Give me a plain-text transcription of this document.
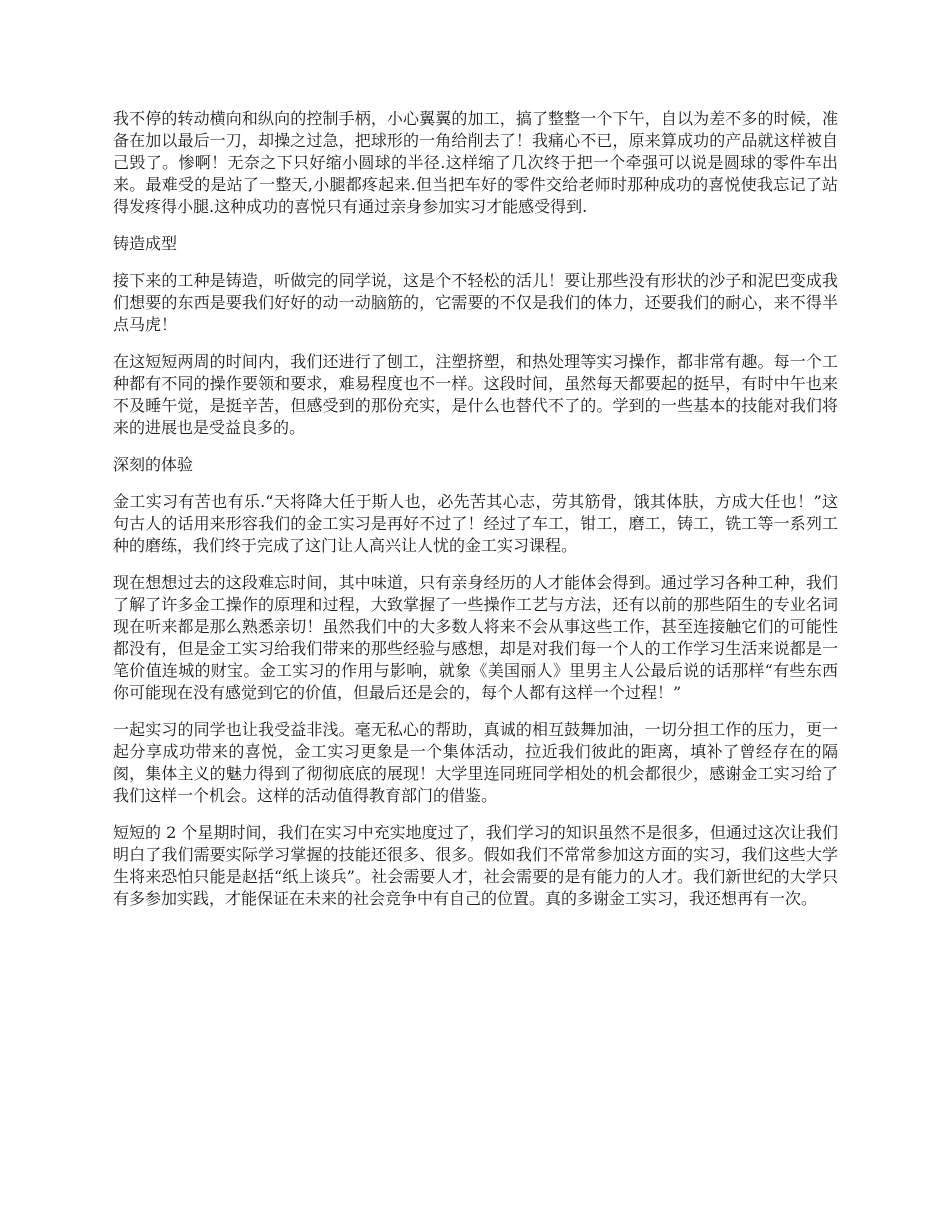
我不停的转动横向和纵向的控制手柄，小心翼翼的加工，搞了整整一个下午，自以为差不多的时候，准备在加以最后一刀，却操之过急，把球形的一角给削去了！我痛心不已，原来算成功的产品就这样被自己毁了。惨啊！无奈之下只好缩小圆球的半径.这样缩了几次终于把一个牵强可以说是圆球的零件车出来。最难受的是站了一整天,小腿都疼起来.但当把车好的零件交给老师时那种成功的喜悦使我忘记了站得发疼得小腿.这种成功的喜悦只有通过亲身参加实习才能感受得到.

铸造成型

接下来的工种是铸造，听做完的同学说，这是个不轻松的活儿！要让那些没有形状的沙子和泥巴变成我们想要的东西是要我们好好的动一动脑筋的，它需要的不仅是我们的体力，还要我们的耐心，来不得半点马虎！

在这短短两周的时间内，我们还进行了刨工，注塑挤塑，和热处理等实习操作，都非常有趣。每一个工种都有不同的操作要领和要求，难易程度也不一样。这段时间，虽然每天都要起的挺早，有时中午也来不及睡午觉，是挺辛苦，但感受到的那份充实，是什么也替代不了的。学到的一些基本的技能对我们将来的进展也是受益良多的。

深刻的体验

金工实习有苦也有乐.“天将降大任于斯人也，必先苦其心志，劳其筋骨，饿其体肤，方成大任也！”这句古人的话用来形容我们的金工实习是再好不过了！经过了车工，钳工，磨工，铸工，铣工等一系列工种的磨练，我们终于完成了这门让人高兴让人忧的金工实习课程。

现在想想过去的这段难忘时间，其中味道，只有亲身经历的人才能体会得到。通过学习各种工种，我们了解了许多金工操作的原理和过程，大致掌握了一些操作工艺与方法，还有以前的那些陌生的专业名词现在听来都是那么熟悉亲切！虽然我们中的大多数人将来不会从事这些工作，甚至连接触它们的可能性都没有，但是金工实习给我们带来的那些经验与感想，却是对我们每一个人的工作学习生活来说都是一笔价值连城的财宝。金工实习的作用与影响，就象《美国丽人》里男主人公最后说的话那样“有些东西你可能现在没有感觉到它的价值，但最后还是会的，每个人都有这样一个过程！”

一起实习的同学也让我受益非浅。毫无私心的帮助，真诚的相互鼓舞加油，一切分担工作的压力，更一起分享成功带来的喜悦，金工实习更象是一个集体活动，拉近我们彼此的距离，填补了曾经存在的隔阂，集体主义的魅力得到了彻彻底底的展现！大学里连同班同学相处的机会都很少，感谢金工实习给了我们这样一个机会。这样的活动值得教育部门的借鉴。

短短的 2 个星期时间，我们在实习中充实地度过了，我们学习的知识虽然不是很多，但通过这次让我们明白了我们需要实际学习掌握的技能还很多、很多。假如我们不常常参加这方面的实习，我们这些大学生将来恐怕只能是赵括“纸上谈兵”。社会需要人才，社会需要的是有能力的人才。我们新世纪的大学只有多参加实践，才能保证在未来的社会竞争中有自己的位置。真的多谢金工实习，我还想再有一次。
